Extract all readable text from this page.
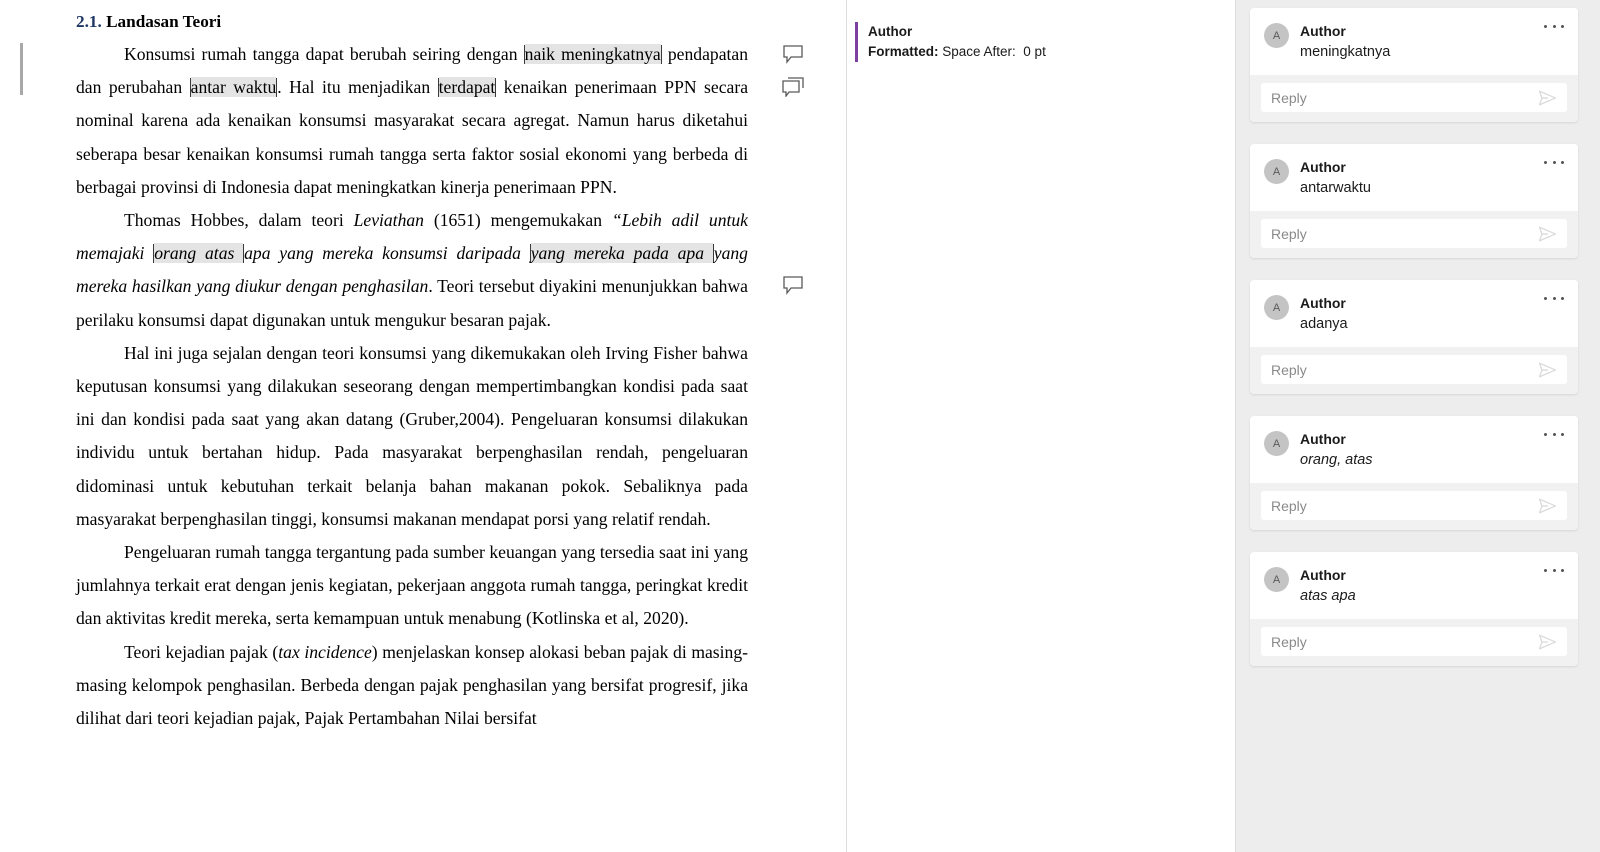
2.1. Landasan Teori
Konsumsi rumah tangga dapat berubah seiring dengan naik meningkatnya pendapatan dan perubahan antar waktu. Hal itu menjadikan terdapat kenaikan penerimaan PPN secara nominal karena ada kenaikan konsumsi masyarakat secara agregat. Namun harus diketahui seberapa besar kenaikan konsumsi rumah tangga serta faktor sosial ekonomi yang berbeda di berbagai provinsi di Indonesia dapat meningkatkan kinerja penerimaan PPN.
Thomas Hobbes, dalam teori Leviathan (1651) mengemukakan “Lebih adil untuk memajaki orang atas apa yang mereka konsumsi daripada yang mereka pada apa yang mereka hasilkan yang diukur dengan penghasilan. Teori tersebut diyakini menunjukkan bahwa perilaku konsumsi dapat digunakan untuk mengukur besaran pajak.
Hal ini juga sejalan dengan teori konsumsi yang dikemukakan oleh Irving Fisher bahwa keputusan konsumsi yang dilakukan seseorang dengan mempertimbangkan kondisi pada saat ini dan kondisi pada saat yang akan datang (Gruber,2004). Pengeluaran konsumsi dilakukan individu untuk bertahan hidup. Pada masyarakat berpenghasilan rendah, pengeluaran didominasi untuk kebutuhan terkait belanja bahan makanan pokok. Sebaliknya pada masyarakat berpenghasilan tinggi, konsumsi makanan mendapat porsi yang relatif rendah.
Pengeluaran rumah tangga tergantung pada sumber keuangan yang tersedia saat ini yang jumlahnya terkait erat dengan jenis kegiatan, pekerjaan anggota rumah tangga, peringkat kredit dan aktivitas kredit mereka, serta kemampuan untuk menabung (Kotlinska et al, 2020).
Teori kejadian pajak (tax incidence) menjelaskan konsep alokasi beban pajak di masing-masing kelompok penghasilan. Berbeda dengan pajak penghasilan yang bersifat progresif, jika dilihat dari teori kejadian pajak, Pajak Pertambahan Nilai bersifat
Author
Formatted: Space After:  0 pt
A	Author
meningkatnya
Reply
A	Author
antarwaktu
Reply
A	Author
adanya
Reply
A	Author
orang, atas
Reply
A	Author
atas apa
Reply
